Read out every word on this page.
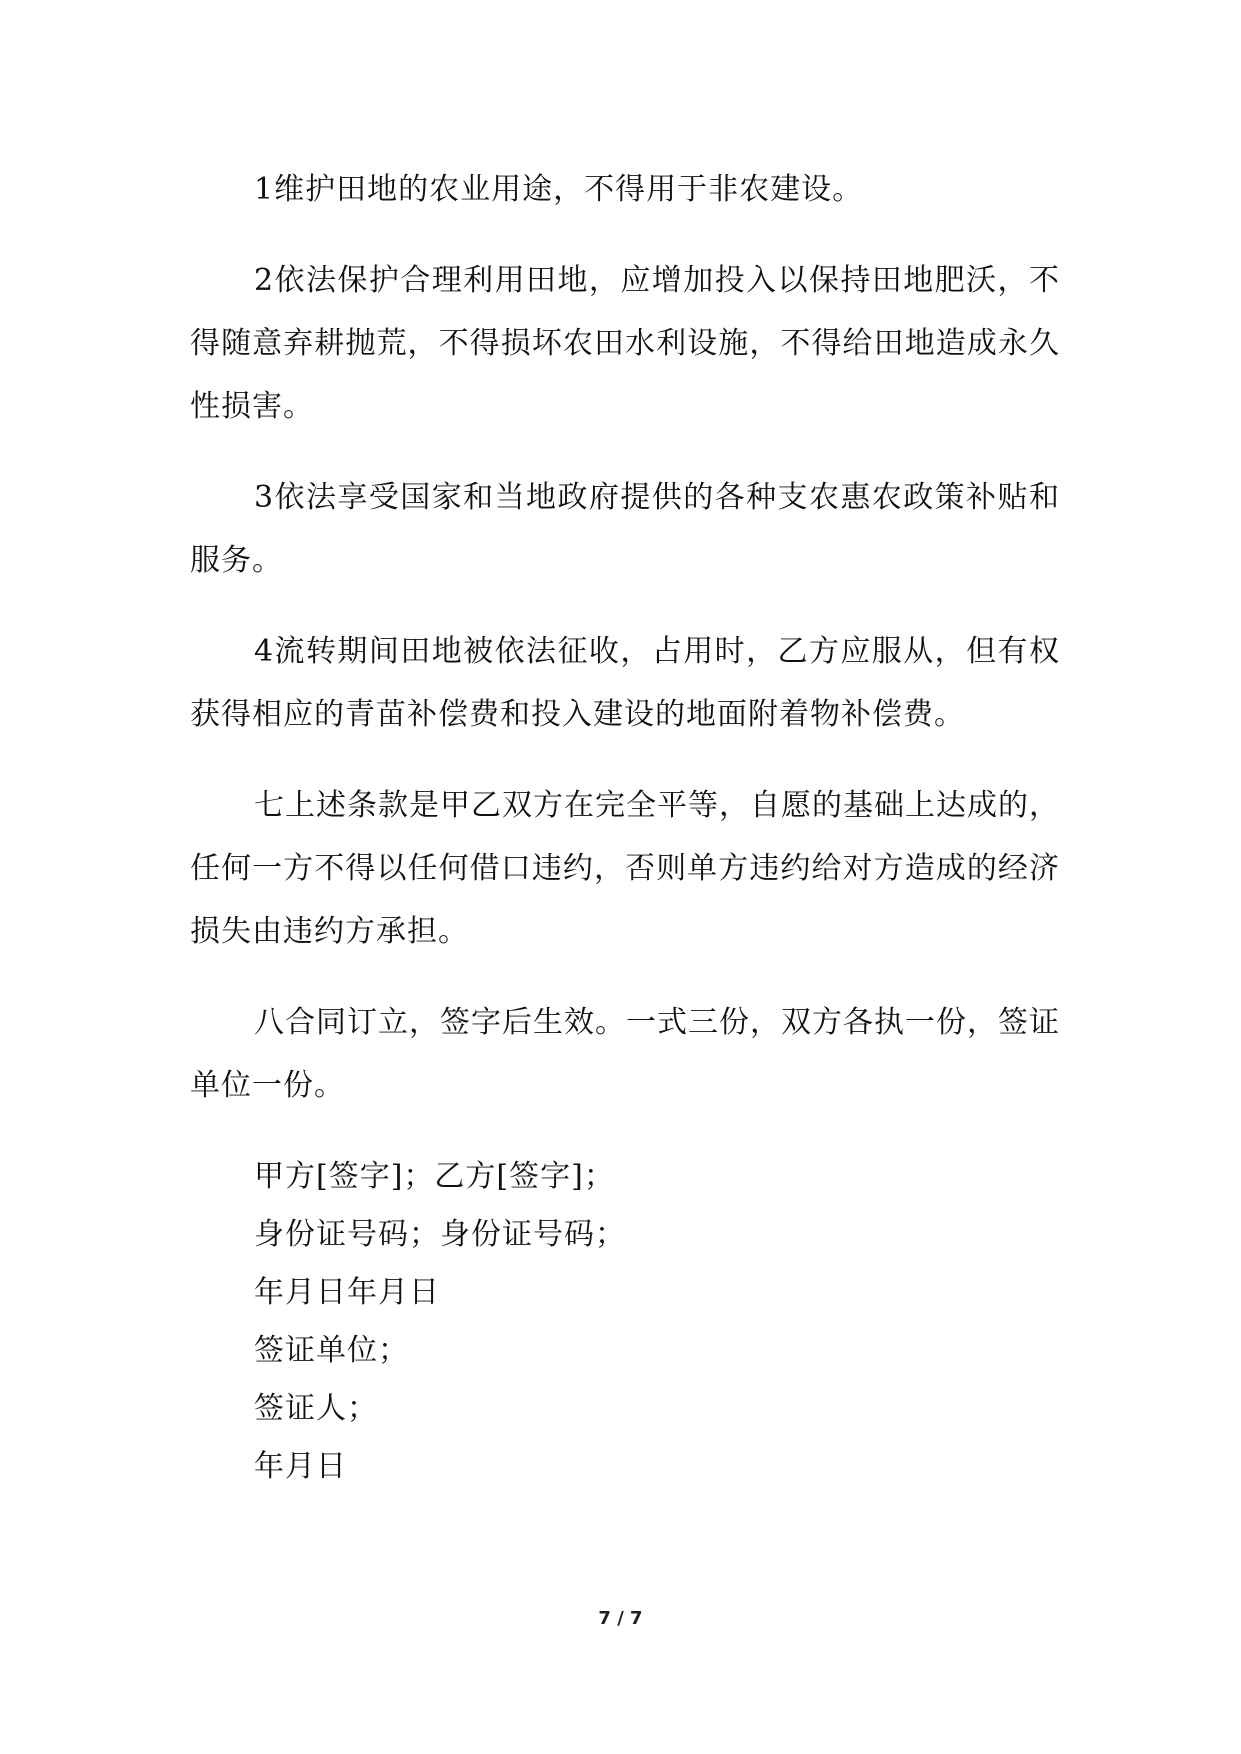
1维护田地的农业用途，不得用于非农建设。

2依法保护合理利用田地，应增加投入以保持田地肥沃，不得随意弃耕抛荒，不得损坏农田水利设施，不得给田地造成永久性损害。

3依法享受国家和当地政府提供的各种支农惠农政策补贴和服务。

4流转期间田地被依法征收，占用时，乙方应服从，但有权获得相应的青苗补偿费和投入建设的地面附着物补偿费。

七上述条款是甲乙双方在完全平等，自愿的基础上达成的，任何一方不得以任何借口违约，否则单方违约给对方造成的经济损失由违约方承担。

八合同订立，签字后生效。一式三份，双方各执一份，签证单位一份。

甲方[签字]；乙方[签字]；

身份证号码；身份证号码；

年月日年月日

签证单位；

签证人；

年月日

7 / 7
